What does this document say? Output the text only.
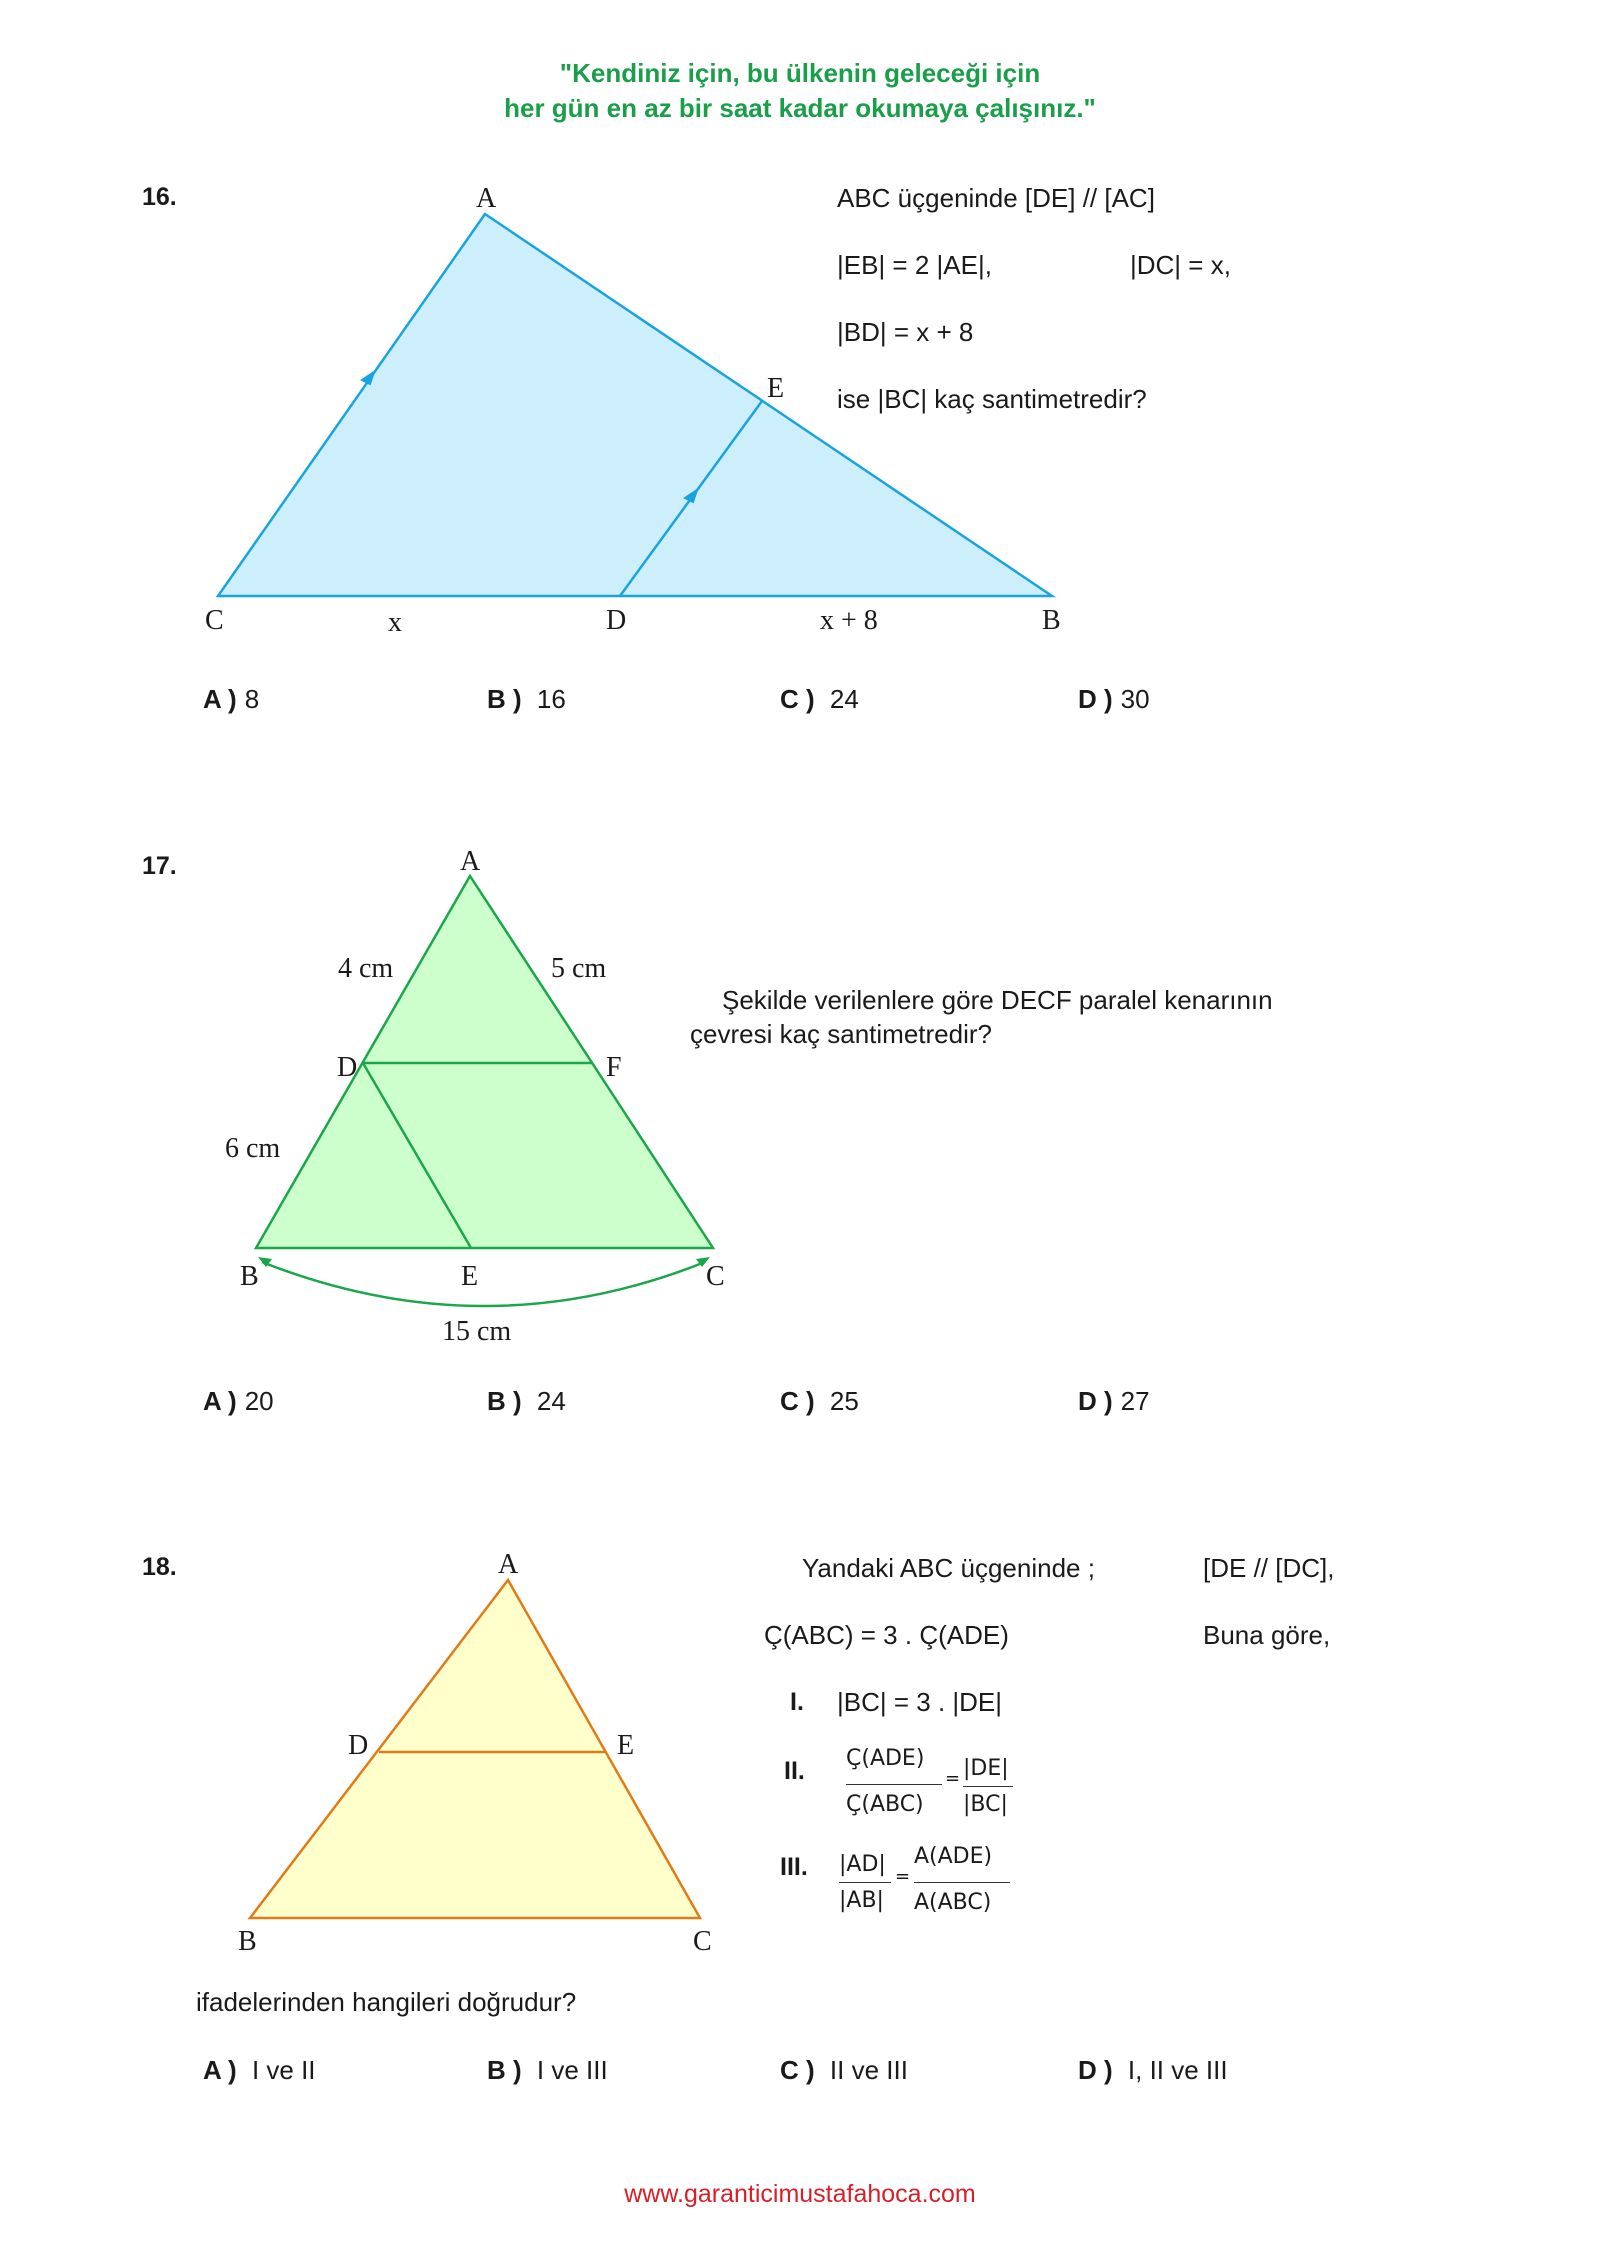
"Kendiniz için, bu ülkenin geleceği için
her gün en az bir saat kadar okumaya çalışınız."
16.	A
E
C	D	B
x	x + 8
ABC üçgeninde [DE] // [AC]
|EB| = 2 |AE|,	|DC| = x,
|BD| = x + 8
ise |BC| kaç santimetredir?
A ) 8	B ) 16	C ) 24	D ) 30
17.	A
D	F
B	E	C
4 cm	5 cm
6 cm
15 cm
Şekilde verilenlere göre DECF paralel kenarının
çevresi kaç santimetredir?
A ) 20	B ) 24	C ) 25	D ) 27
18.	A
D	E
B	C
Yandaki ABC üçgeninde ;	[DE // [DC],
Ç(ABC) = 3 . Ç(ADE)	Buna göre,
I. |BC| = 3 . |DE|
II. Ç(ADE)
Ç(ABC)
= |DE|
|BC|
III. |AD|
|AB|
=
A(ADE)
A(ABC)
ifadelerinden hangileri doğrudur?
A ) I ve II	B ) I ve III	C ) II ve III	D ) I, II ve III
www.garanticimustafahoca.com
